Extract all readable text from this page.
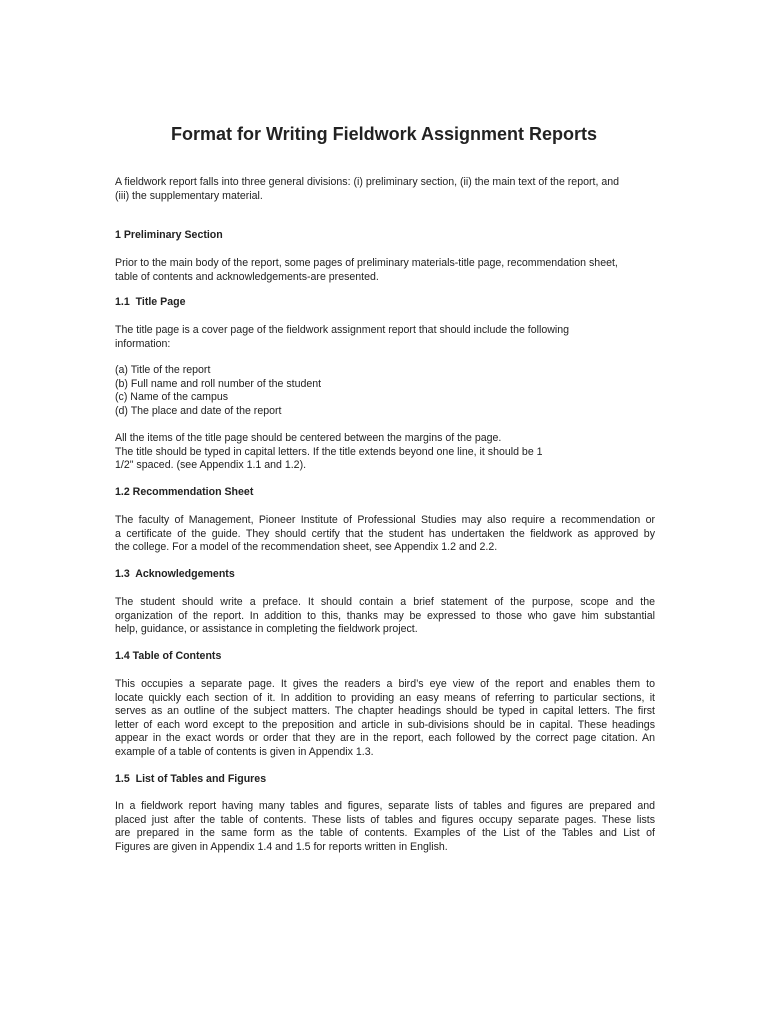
Format for Writing Fieldwork Assignment Reports

A fieldwork report falls into three general divisions: (i) preliminary section, (ii) the main text of the report, and
(iii) the supplementary material.

1 Preliminary Section

Prior to the main body of the report, some pages of preliminary materials-title page, recommendation sheet,
table of contents and acknowledgements-are presented.

1.1  Title Page

The title page is a cover page of the fieldwork assignment report that should include the following
information:

(a) Title of the report
(b) Full name and roll number of the student
(c) Name of the campus
(d) The place and date of the report

All the items of the title page should be centered between the margins of the page.
The title should be typed in capital letters. If the title extends beyond one line, it should be 1
1/2" spaced. (see Appendix 1.1 and 1.2).

1.2 Recommendation Sheet

The faculty of Management, Pioneer Institute of Professional Studies may also require a recommendation or
a certificate of the guide. They should certify that the student has undertaken the fieldwork as approved by
the college. For a model of the recommendation sheet, see Appendix 1.2 and 2.2.

1.3  Acknowledgements

The student should write a preface. It should contain a brief statement of the purpose, scope and the
organization of the report. In addition to this, thanks may be expressed to those who gave him substantial
help, guidance, or assistance in completing the fieldwork project.

1.4 Table of Contents

This occupies a separate page. It gives the readers a bird’s eye view of the report and enables them to
locate quickly each section of it. In addition to providing an easy means of referring to particular sections, it
serves as an outline of the subject matters. The chapter headings should be typed in capital letters. The first
letter of each word except to the preposition and article in sub-divisions should be in capital. These headings
appear in the exact words or order that they are in the report, each followed by the correct page citation. An
example of a table of contents is given in Appendix 1.3.

1.5  List of Tables and Figures

In a fieldwork report having many tables and figures, separate lists of tables and figures are prepared and
placed just after the table of contents. These lists of tables and figures occupy separate pages. These lists
are prepared in the same form as the table of contents. Examples of the List of the Tables and List of
Figures are given in Appendix 1.4 and 1.5 for reports written in English.
